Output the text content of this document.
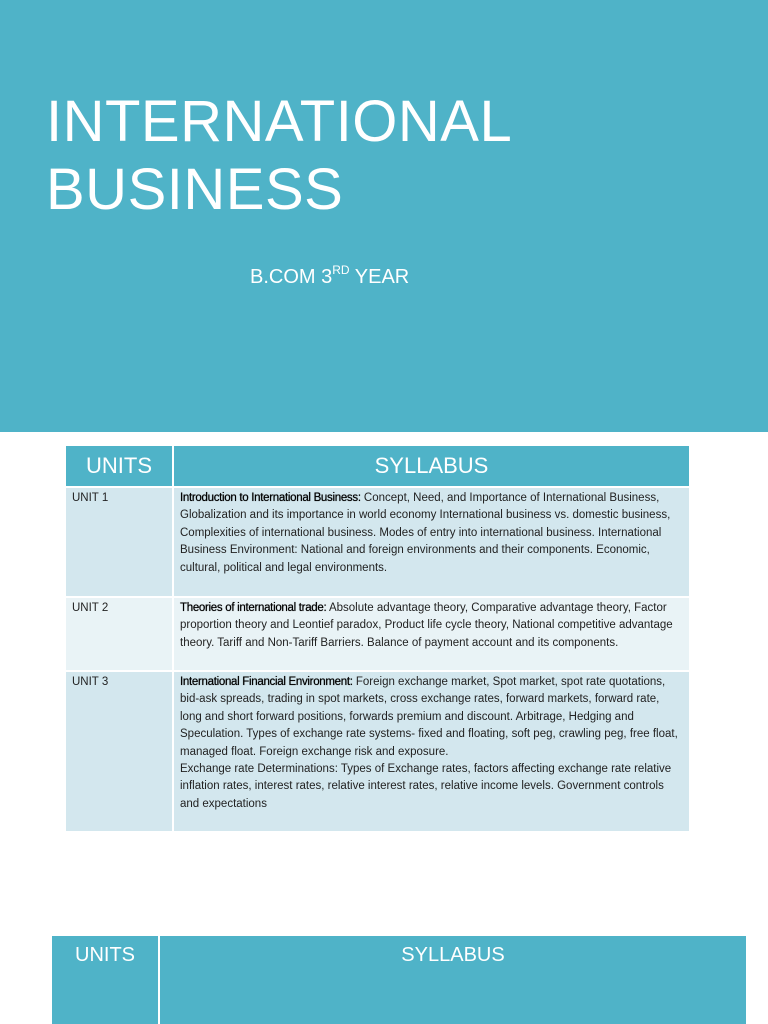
INTERNATIONAL
BUSINESS
B.COM 3RD YEAR
UNITS	SYLLABUS
UNIT 1	Introduction to International Business: Concept, Need, and Importance of International Business, Globalization and its importance in world economy International business vs. domestic business, Complexities of international business. Modes of entry into international business. International Business Environment: National and foreign environments and their components. Economic, cultural, political and legal environments.
UNIT 2	Theories of international trade: Absolute advantage theory, Comparative advantage theory, Factor proportion theory and Leontief paradox, Product life cycle theory, National competitive advantage theory. Tariff and Non-Tariff Barriers. Balance of payment account and its components.
UNIT 3	International Financial Environment: Foreign exchange market, Spot market, spot rate quotations, bid-ask spreads, trading in spot markets, cross exchange rates, forward markets, forward rate, long and short forward positions, forwards premium and discount. Arbitrage, Hedging and Speculation. Types of exchange rate systems- fixed and floating, soft peg, crawling peg, free float, managed float. Foreign exchange risk and exposure.

Exchange rate Determinations: Types of Exchange rates, factors affecting exchange rate relative inflation rates, interest rates, relative interest rates, relative income levels. Government controls and expectations

UNITS	SYLLABUS
